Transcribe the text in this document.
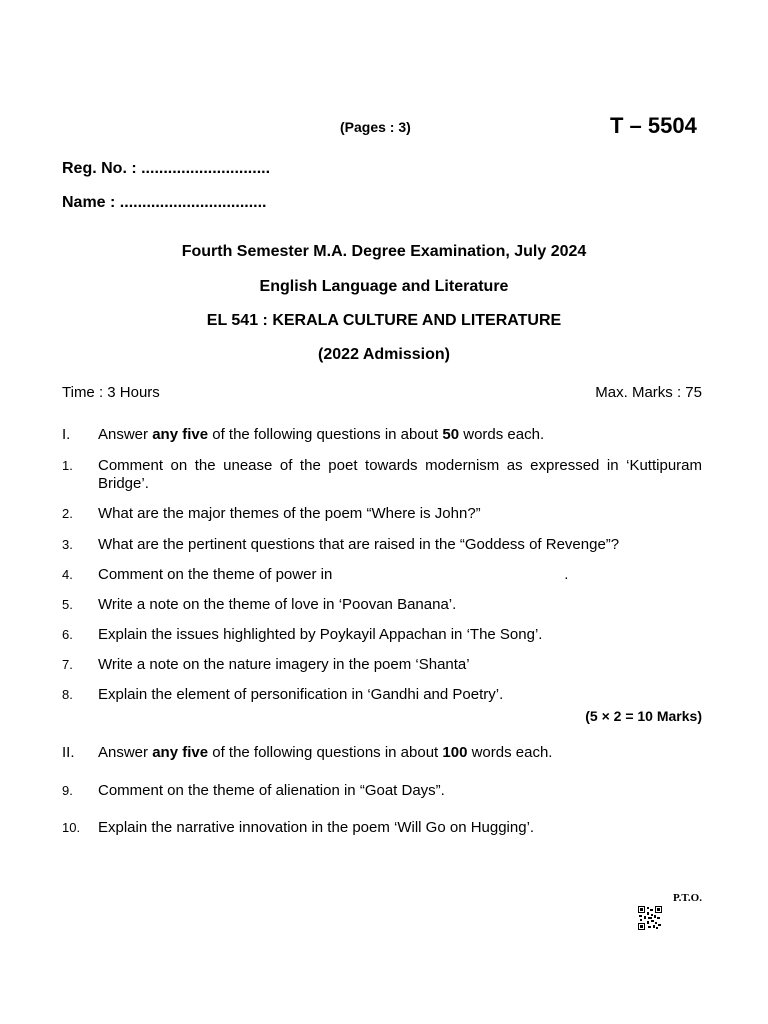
(Pages : 3)	T – 5504
Reg. No. : .............................
Name : .................................
Fourth Semester M.A. Degree Examination, July 2024
English Language and Literature
EL 541 : KERALA CULTURE AND LITERATURE
(2022 Admission)
Time : 3 Hours	Max. Marks : 75
I.	Answer any five of the following questions in about 50 words each.
1.	Comment on the unease of the poet towards modernism as expressed in ‘Kuttipuram Bridge’.
2.	What are the major themes of the poem “Where is John?”
3.	What are the pertinent questions that are raised in the “Goddess of Revenge”?
4.	Comment on the theme of power in	.
5.	Write a note on the theme of love in ‘Poovan Banana’.
6.	Explain the issues highlighted by Poykayil Appachan in ‘The Song’.
7.	Write a note on the nature imagery in the poem ‘Shanta’
8.	Explain the element of personification in ‘Gandhi and Poetry’.
(5 × 2 = 10 Marks)
II.	Answer any five of the following questions in about 100 words each.
9.	Comment on the theme of alienation in “Goat Days”.
10.	Explain the narrative innovation in the poem ‘Will Go on Hugging’.
P.T.O.
